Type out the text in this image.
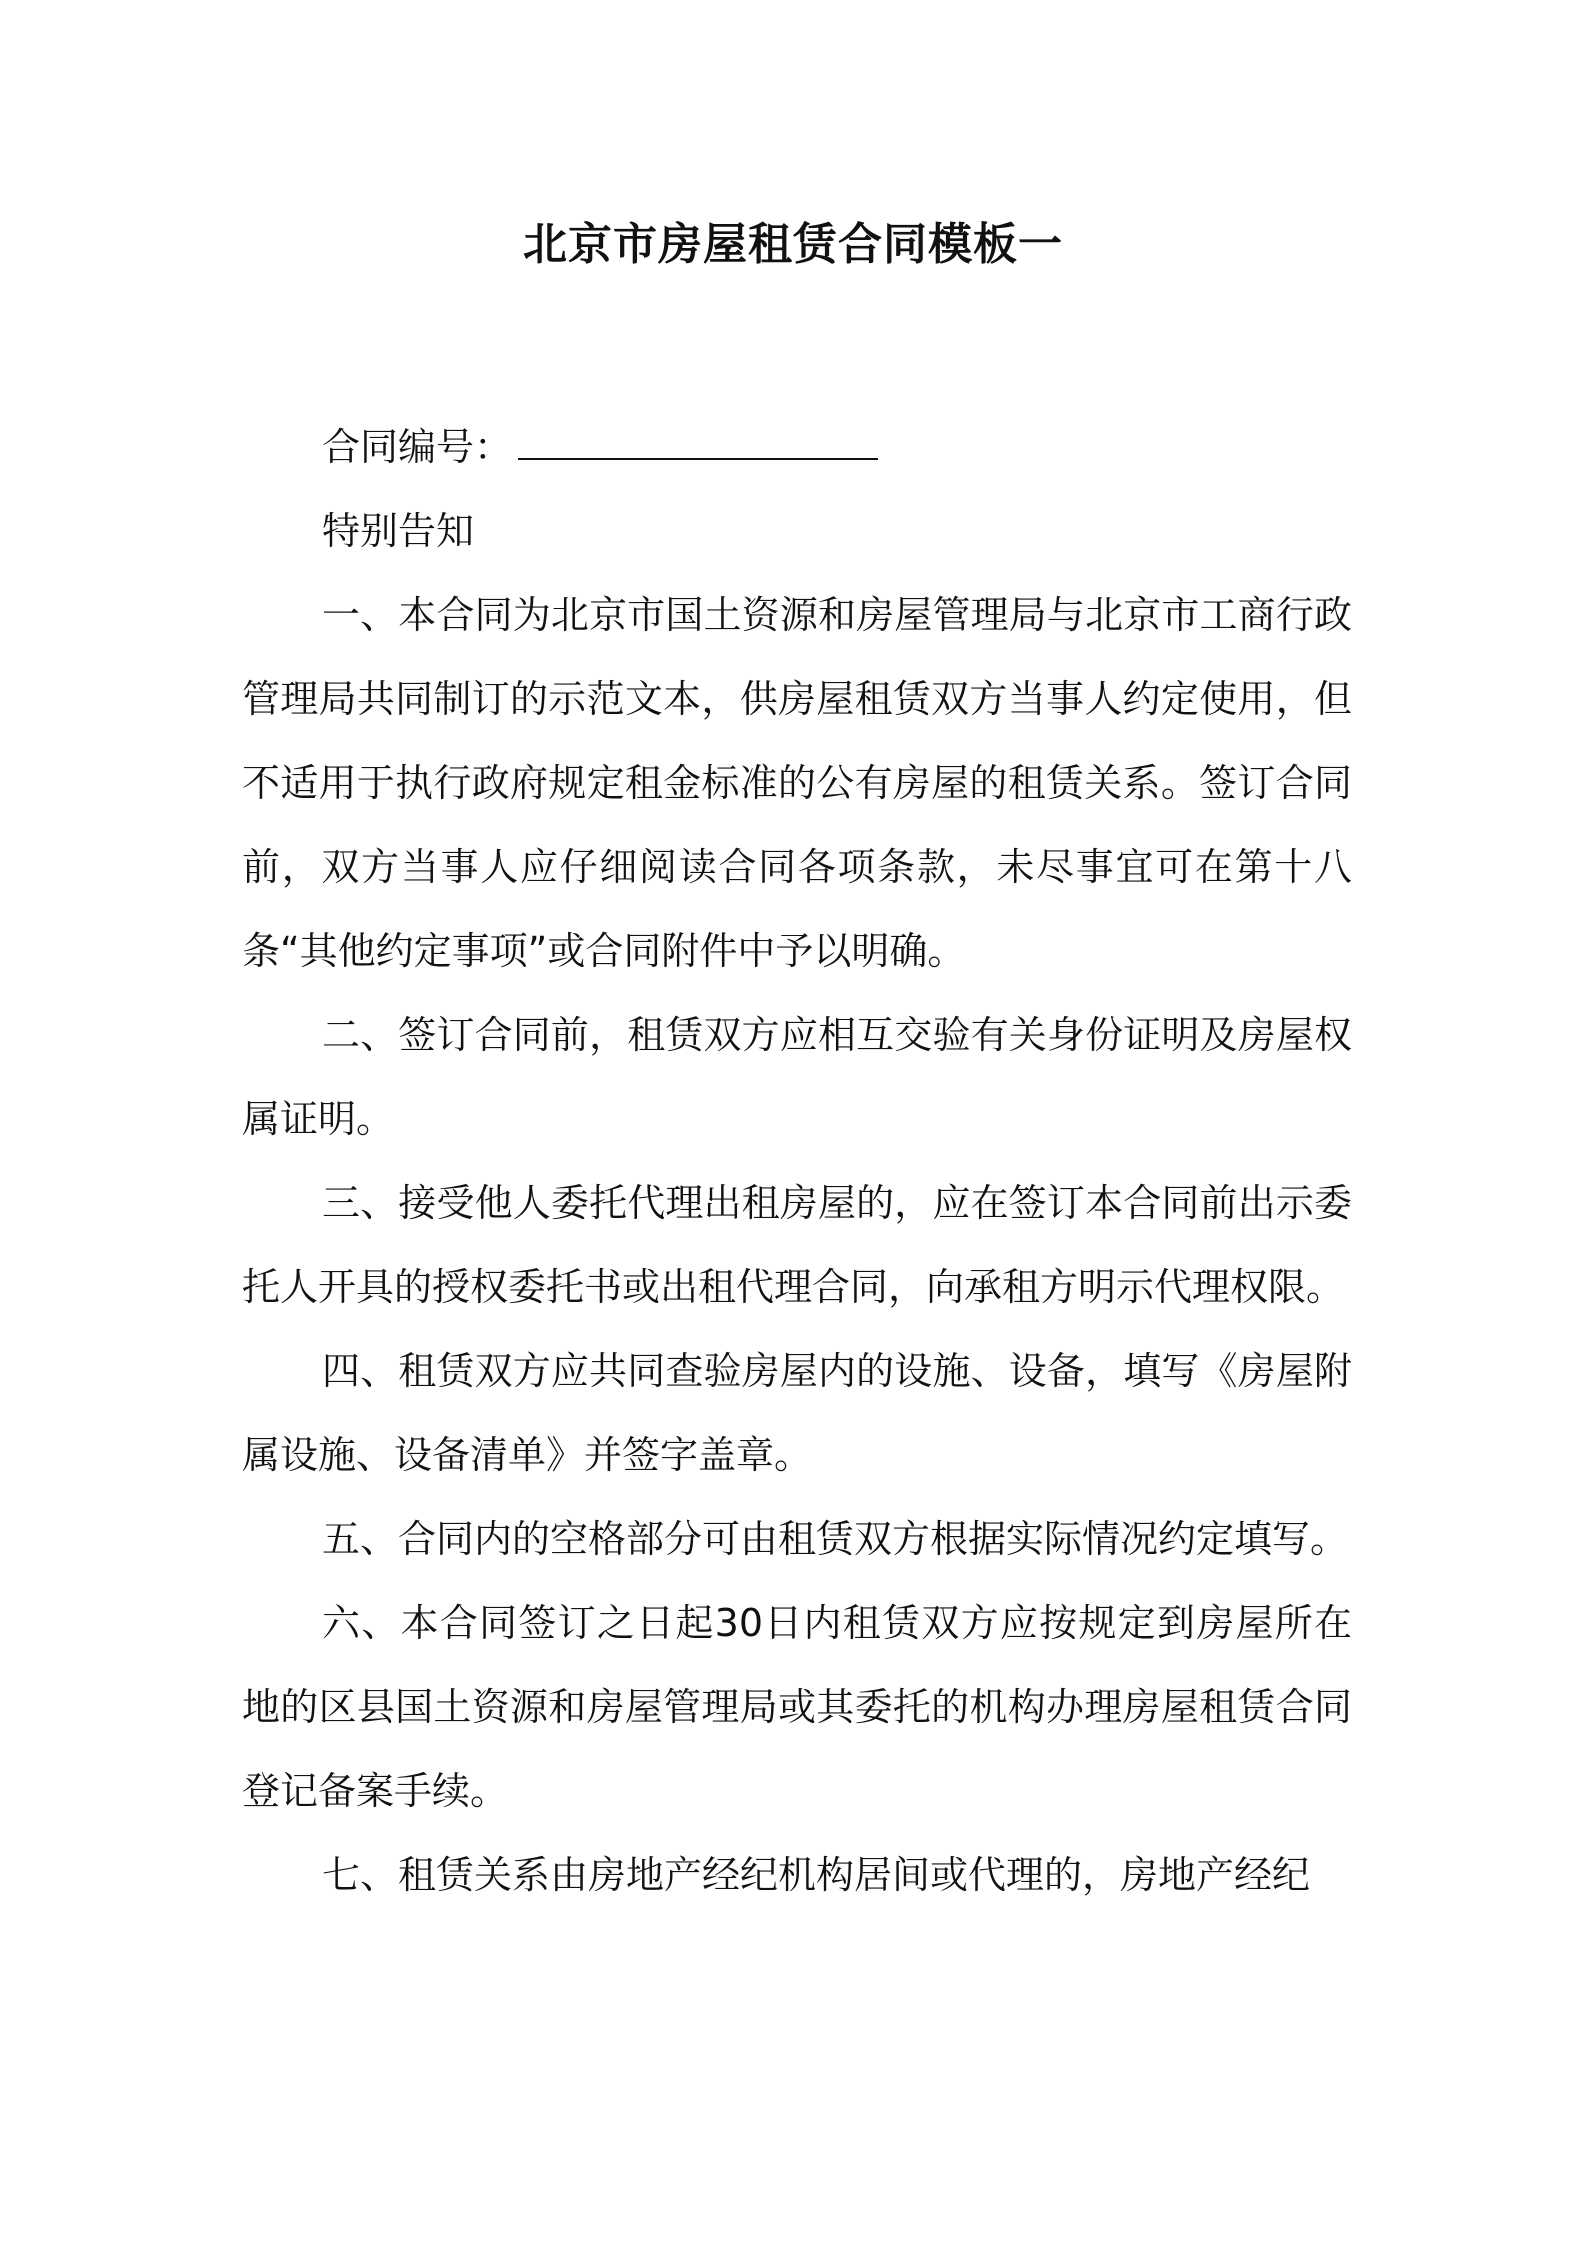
北京市房屋租赁合同模板一
合同编号：

特别告知

一、本合同为北京市国土资源和房屋管理局与北京市工商行政管理局共同制订的示范文本，供房屋租赁双方当事人约定使用，但不适用于执行政府规定租金标准的公有房屋的租赁关系。签订合同前，双方当事人应仔细阅读合同各项条款，未尽事宜可在第十八条“其他约定事项”或合同附件中予以明确。

二、签订合同前，租赁双方应相互交验有关身份证明及房屋权属证明。

三、接受他人委托代理出租房屋的，应在签订本合同前出示委托人开具的授权委托书或出租代理合同，向承租方明示代理权限。

四、租赁双方应共同查验房屋内的设施、设备，填写《房屋附属设施、设备清单》并签字盖章。

五、合同内的空格部分可由租赁双方根据实际情况约定填写。

六、本合同签订之日起30日内租赁双方应按规定到房屋所在地的区县国土资源和房屋管理局或其委托的机构办理房屋租赁合同登记备案手续。

七、租赁关系由房地产经纪机构居间或代理的，房地产经纪
